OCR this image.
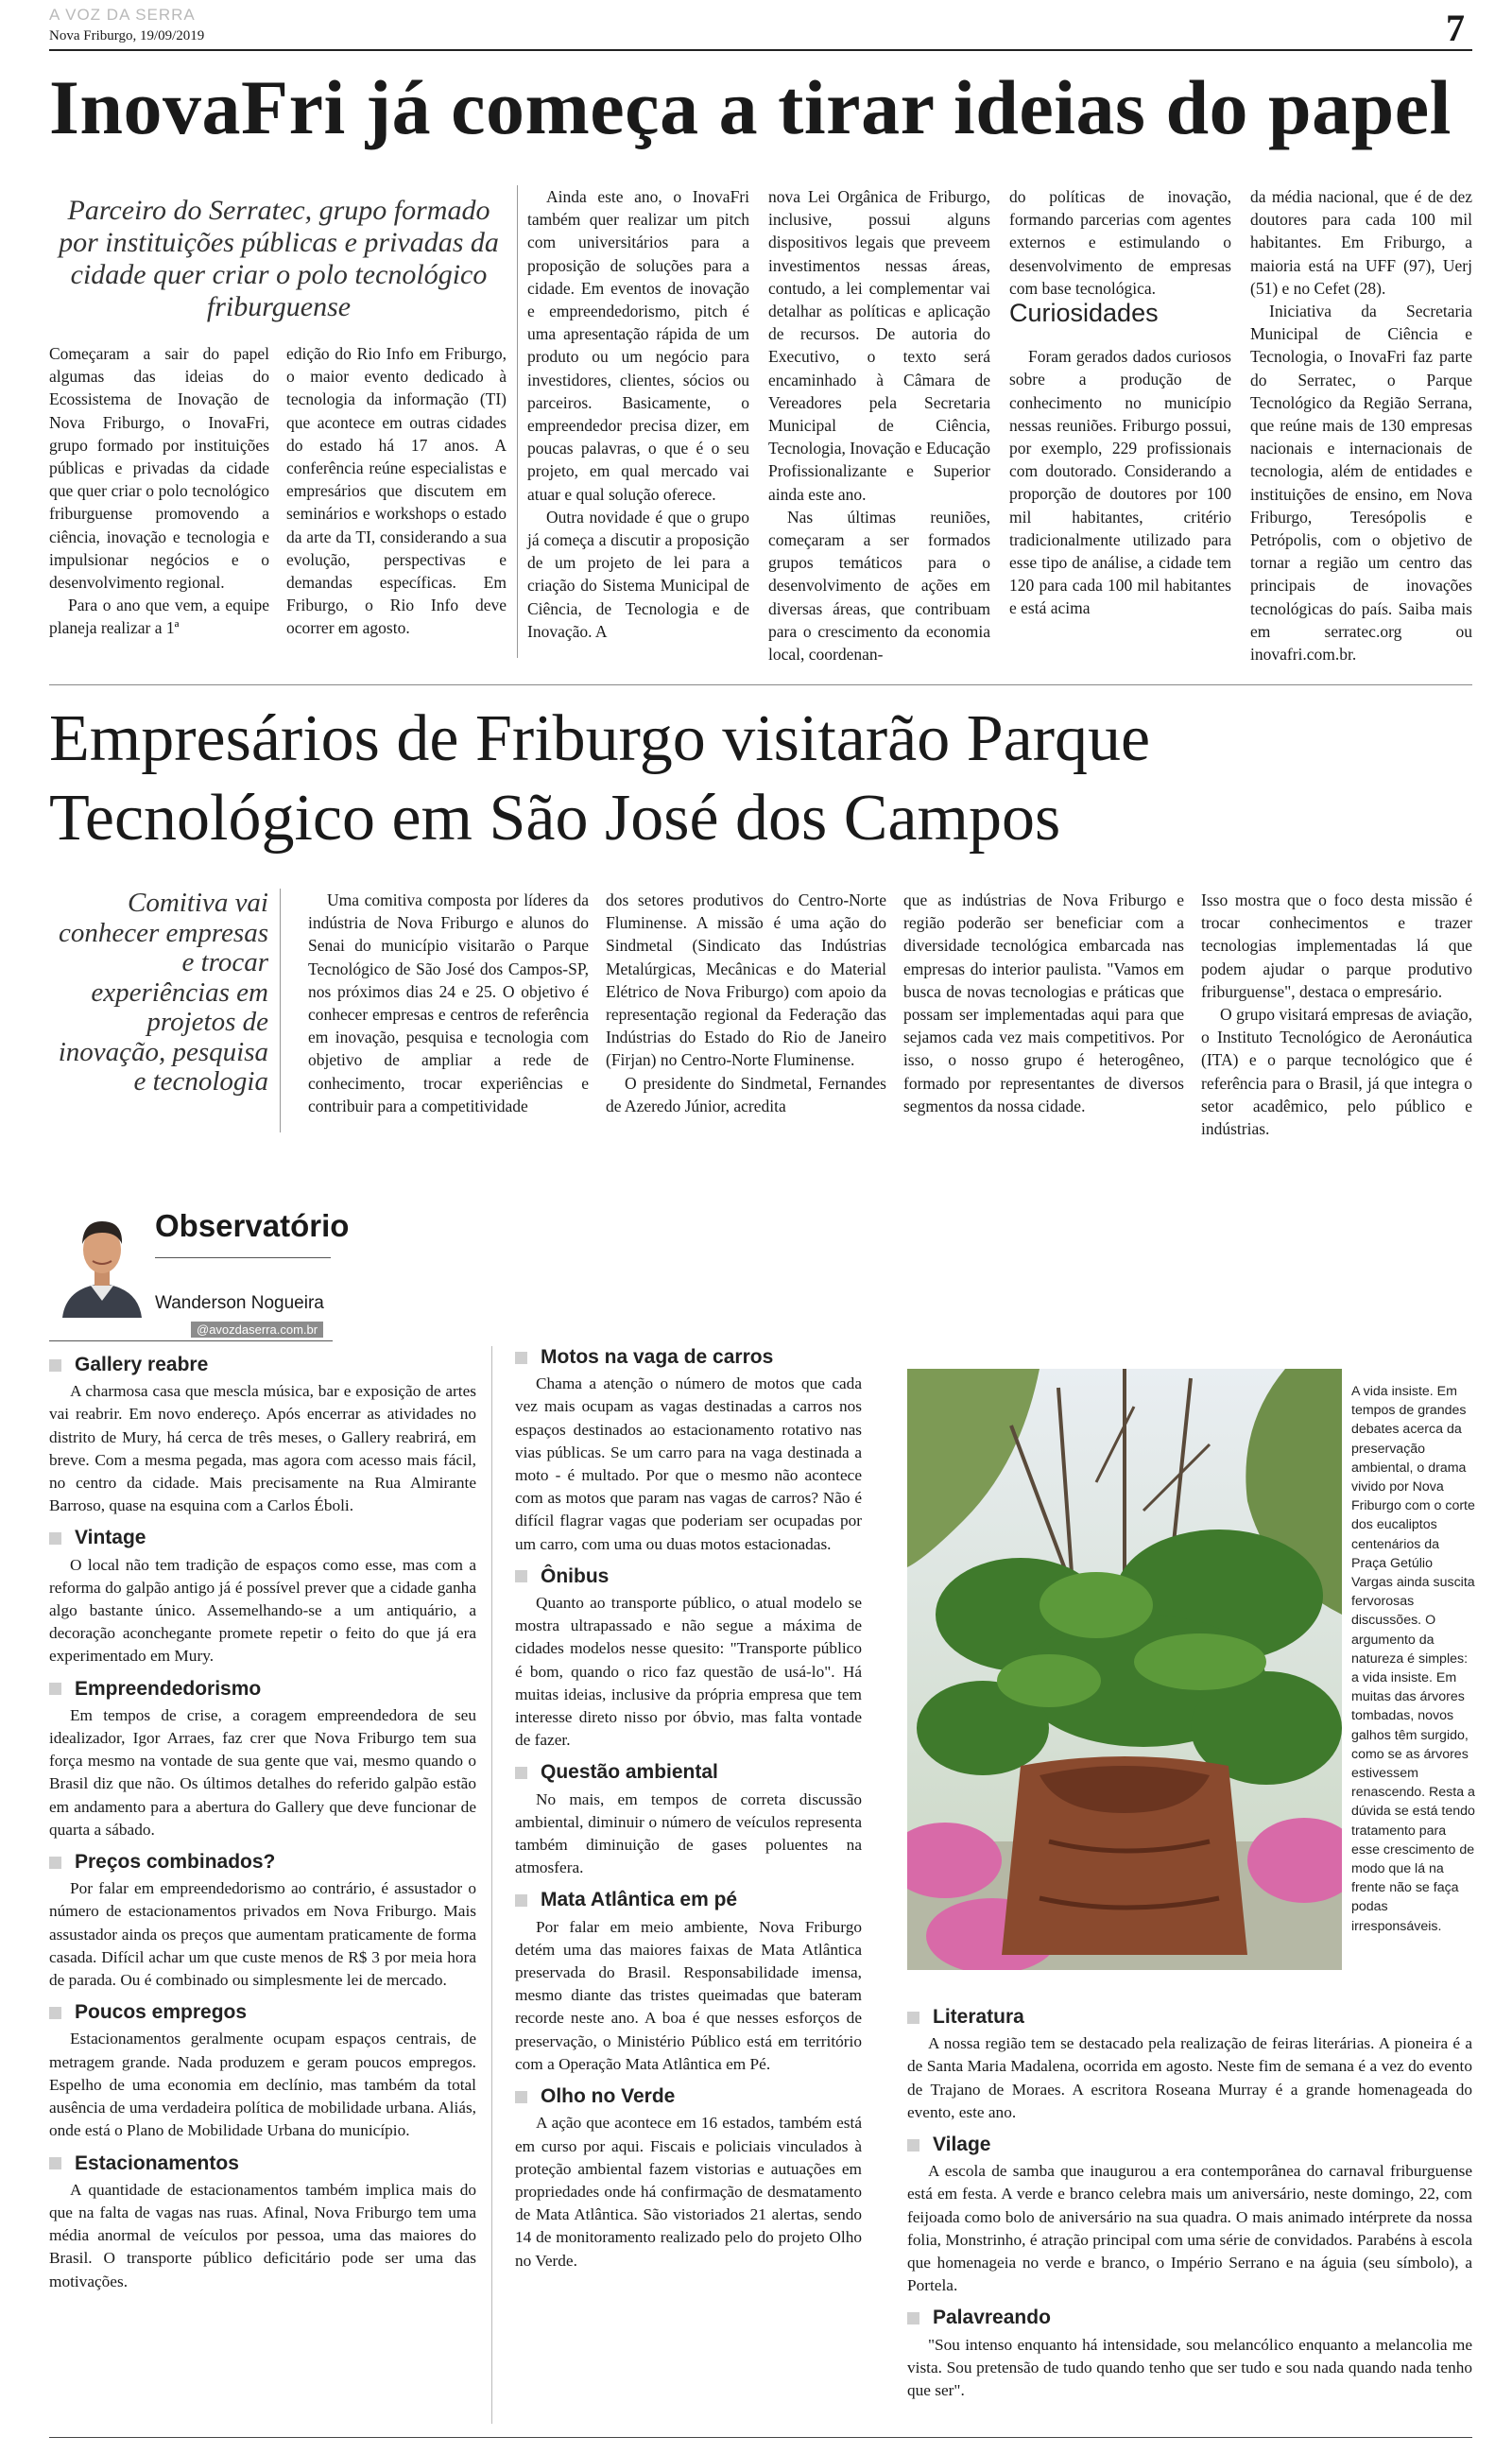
A VOZ DA SERRA
Nova Friburgo, 19/09/2019	7
InovaFri já começa a tirar ideias do papel
Parceiro do Serratec, grupo formado por instituições públicas e privadas da cidade quer criar o polo tecnológico friburguense

Começaram a sair do papel algumas das ideias do Ecossistema de Inovação de Nova Friburgo, o InovaFri, grupo formado por instituições públicas e privadas da cidade que quer criar o polo tecnológico friburguense promovendo a ciência, inovação e tecnologia e impulsionar negócios e o desenvolvimento regional.

Para o ano que vem, a equipe planeja realizar a 1ª

edição do Rio Info em Friburgo, o maior evento dedicado à tecnologia da informação (TI) que acontece em outras cidades do estado há 17 anos. A conferência reúne especialistas e empresários que discutem em seminários e workshops o estado da arte da TI, considerando a sua evolução, perspectivas e demandas específicas. Em Friburgo, o Rio Info deve ocorrer em agosto.

Ainda este ano, o InovaFri também quer realizar um pitch com universitários para a proposição de soluções para a cidade. Em eventos de inovação e empreendedorismo, pitch é uma apresentação rápida de um produto ou um negócio para investidores, clientes, sócios ou parceiros. Basicamente, o empreendedor precisa dizer, em poucas palavras, o que é o seu projeto, em qual mercado vai atuar e qual solução oferece.

Outra novidade é que o grupo já começa a discutir a proposição de um projeto de lei para a criação do Sistema Municipal de Ciência, de Tecnologia e de Inovação. A

nova Lei Orgânica de Friburgo, inclusive, possui alguns dispositivos legais que preveem investimentos nessas áreas, contudo, a lei complementar vai detalhar as políticas e aplicação de recursos. De autoria do Executivo, o texto será encaminhado à Câmara de Vereadores pela Secretaria Municipal de Ciência, Tecnologia, Inovação e Educação Profissionalizante e Superior ainda este ano.

Nas últimas reuniões, começaram a ser formados grupos temáticos para o desenvolvimento de ações em diversas áreas, que contribuam para o crescimento da economia local, coordenan-

do políticas de inovação, formando parcerias com agentes externos e estimulando o desenvolvimento de empresas com base tecnológica.

Curiosidades

Foram gerados dados curiosos sobre a produção de conhecimento no município nessas reuniões. Friburgo possui, por exemplo, 229 profissionais com doutorado. Considerando a proporção de doutores por 100 mil habitantes, critério tradicionalmente utilizado para esse tipo de análise, a cidade tem 120 para cada 100 mil habitantes e está acima

da média nacional, que é de dez doutores para cada 100 mil habitantes. Em Friburgo, a maioria está na UFF (97), Uerj (51) e no Cefet (28).

Iniciativa da Secretaria Municipal de Ciência e Tecnologia, o InovaFri faz parte do Serratec, o Parque Tecnológico da Região Serrana, que reúne mais de 130 empresas nacionais e internacionais de tecnologia, além de entidades e instituições de ensino, em Nova Friburgo, Teresópolis e Petrópolis, com o objetivo de tornar a região um centro das principais de inovações tecnológicas do país. Saiba mais em serratec.org ou inovafri.com.br.

Empresários de Friburgo visitarão Parque
Tecnológico em São José dos Campos
Comitiva vai conhecer empresas e trocar experiências em projetos de inovação, pesquisa e tecnologia

Uma comitiva composta por líderes da indústria de Nova Friburgo e alunos do Senai do município visitarão o Parque Tecnológico de São José dos Campos-SP, nos próximos dias 24 e 25. O objetivo é conhecer empresas e centros de referência em inovação, pesquisa e tecnologia com objetivo de ampliar a rede de conhecimento, trocar experiências e contribuir para a competitividade

dos setores produtivos do Centro-Norte Fluminense. A missão é uma ação do Sindmetal (Sindicato das Indústrias Metalúrgicas, Mecânicas e do Material Elétrico de Nova Friburgo) com apoio da representação regional da Federação das Indústrias do Estado do Rio de Janeiro (Firjan) no Centro-Norte Fluminense.

O presidente do Sindmetal, Fernandes de Azeredo Júnior, acredita

que as indústrias de Nova Friburgo e região poderão ser beneficiar com a diversidade tecnológica embarcada nas empresas do interior paulista. "Vamos em busca de novas tecnologias e práticas que possam ser implementadas aqui para que sejamos cada vez mais competitivos. Por isso, o nosso grupo é heterogêneo, formado por representantes de diversos segmentos da nossa cidade.

Isso mostra que o foco desta missão é trocar conhecimentos e trazer tecnologias implementadas lá que podem ajudar o parque produtivo friburguense", destaca o empresário.

O grupo visitará empresas de aviação, o Instituto Tecnológico de Aeronáutica (ITA) e o parque tecnológico que é referência para o Brasil, já que integra o setor acadêmico, pelo público e indústrias.

Observatório
Wanderson Nogueira
@avozdaserra.com.br
Gallery reabre

A charmosa casa que mescla música, bar e exposição de artes vai reabrir. Em novo endereço. Após encerrar as atividades no distrito de Mury, há cerca de três meses, o Gallery reabrirá, em breve. Com a mesma pegada, mas agora com acesso mais fácil, no centro da cidade. Mais precisamente na Rua Almirante Barroso, quase na esquina com a Carlos Éboli.

Vintage

O local não tem tradição de espaços como esse, mas com a reforma do galpão antigo já é possível prever que a cidade ganha algo bastante único. Assemelhando-se a um antiquário, a decoração aconchegante promete repetir o feito do que já era experimentado em Mury.

Empreendedorismo

Em tempos de crise, a coragem empreendedora de seu idealizador, Igor Arraes, faz crer que Nova Friburgo tem sua força mesmo na vontade de sua gente que vai, mesmo quando o Brasil diz que não. Os últimos detalhes do referido galpão estão em andamento para a abertura do Gallery que deve funcionar de quarta a sábado.

Preços combinados?

Por falar em empreendedorismo ao contrário, é assustador o número de estacionamentos privados em Nova Friburgo. Mais assustador ainda os preços que aumentam praticamente de forma casada. Difícil achar um que custe menos de R$ 3 por meia hora de parada. Ou é combinado ou simplesmente lei de mercado.

Poucos empregos

Estacionamentos geralmente ocupam espaços centrais, de metragem grande. Nada produzem e geram poucos empregos. Espelho de uma economia em declínio, mas também da total ausência de uma verdadeira política de mobilidade urbana. Aliás, onde está o Plano de Mobilidade Urbana do município.

Estacionamentos

A quantidade de estacionamentos também implica mais do que na falta de vagas nas ruas. Afinal, Nova Friburgo tem uma média anormal de veículos por pessoa, uma das maiores do Brasil. O transporte público deficitário pode ser uma das motivações.

Motos na vaga de carros

Chama a atenção o número de motos que cada vez mais ocupam as vagas destinadas a carros nos espaços destinados ao estacionamento rotativo nas vias públicas. Se um carro para na vaga destinada a moto - é multado. Por que o mesmo não acontece com as motos que param nas vagas de carros? Não é difícil flagrar vagas que poderiam ser ocupadas por um carro, com uma ou duas motos estacionadas.

Ônibus

Quanto ao transporte público, o atual modelo se mostra ultrapassado e não segue a máxima de cidades modelos nesse quesito: "Transporte público é bom, quando o rico faz questão de usá-lo". Há muitas ideias, inclusive da própria empresa que tem interesse direto nisso por óbvio, mas falta vontade de fazer.

Questão ambiental

No mais, em tempos de correta discussão ambiental, diminuir o número de veículos representa também diminuição de gases poluentes na atmosfera.

Mata Atlântica em pé

Por falar em meio ambiente, Nova Friburgo detém uma das maiores faixas de Mata Atlântica preservada do Brasil. Responsabilidade imensa, mesmo diante das tristes queimadas que bateram recorde neste ano. A boa é que nesses esforços de preservação, o Ministério Público está em território com a Operação Mata Atlântica em Pé.

Olho no Verde

A ação que acontece em 16 estados, também está em curso por aqui. Fiscais e policiais vinculados à proteção ambiental fazem vistorias e autuações em propriedades onde há confirmação de desmatamento de Mata Atlântica. São vistoriados 21 alertas, sendo 14 de monitoramento realizado pelo do projeto Olho no Verde.

A vida insiste. Em tempos de grandes debates acerca da preservação ambiental, o drama vivido por Nova Friburgo com o corte dos eucaliptos centenários da Praça Getúlio Vargas ainda suscita fervorosas discussões. O argumento da natureza é simples: a vida insiste. Em muitas das árvores tombadas, novos galhos têm surgido, como se as árvores estivessem renascendo. Resta a dúvida se está tendo tratamento para esse crescimento de modo que lá na frente não se faça podas irresponsáveis.
Literatura

A nossa região tem se destacado pela realização de feiras literárias. A pioneira é a de Santa Maria Madalena, ocorrida em agosto. Neste fim de semana é a vez do evento de Trajano de Moraes. A escritora Roseana Murray é a grande homenageada do evento, este ano.

Vilage

A escola de samba que inaugurou a era contemporânea do carnaval friburguense está em festa. A verde e branco celebra mais um aniversário, neste domingo, 22, com feijoada como bolo de aniversário na sua quadra. O mais animado intérprete da nossa folia, Monstrinho, é atração principal com uma série de convidados. Parabéns à escola que homenageia no verde e branco, o Império Serrano e na águia (seu símbolo), a Portela.

Palavreando

"Sou intenso enquanto há intensidade, sou melancólico enquanto a melancolia me vista. Sou pretensão de tudo quando tenho que ser tudo e sou nada quando nada tenho que ser".
